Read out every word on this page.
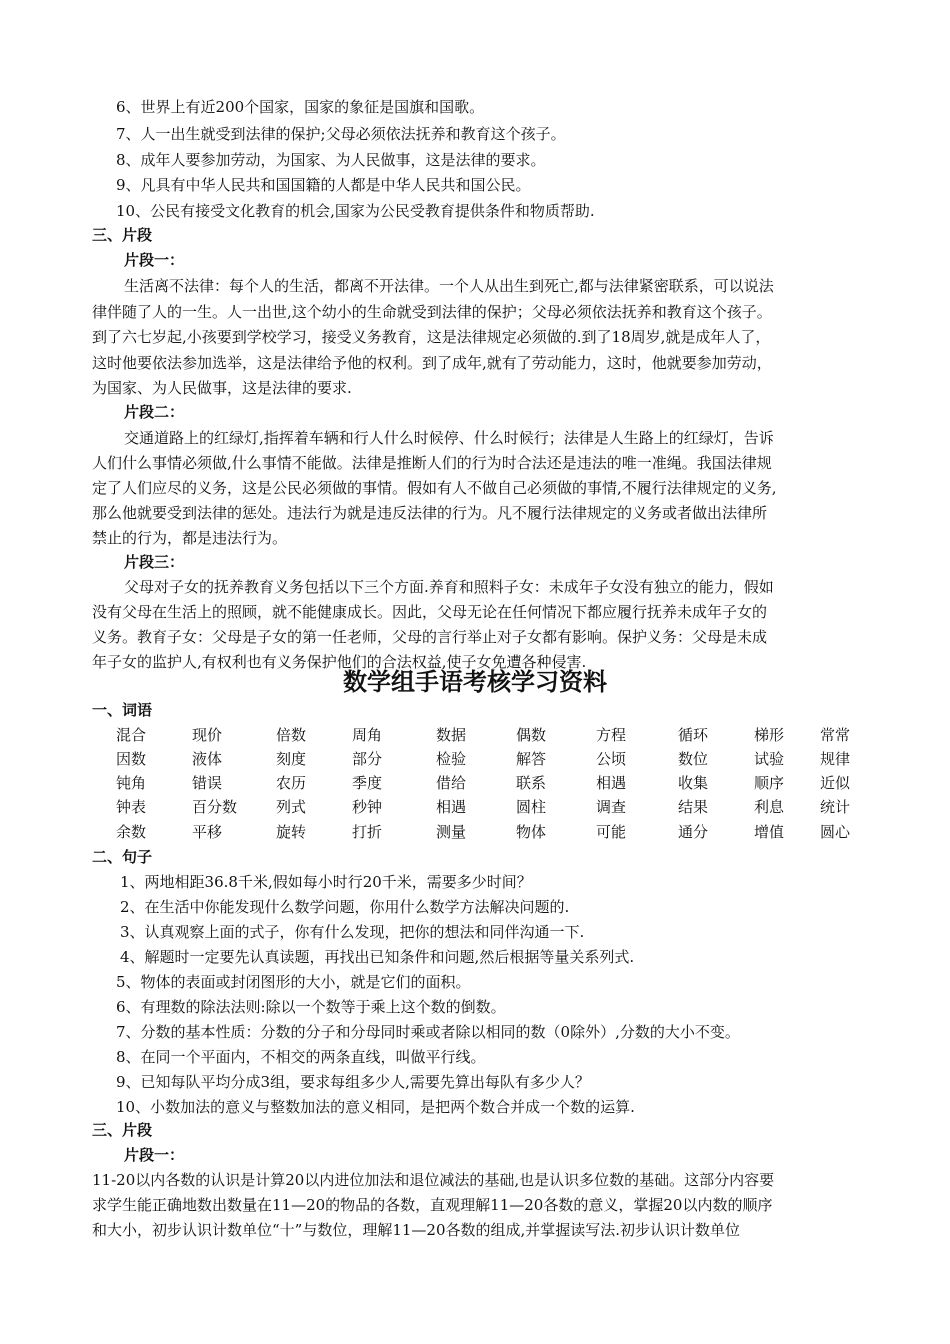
6、世界上有近200个国家，国家的象征是国旗和国歌。
7、人一出生就受到法律的保护;父母必须依法抚养和教育这个孩子。
8、成年人要参加劳动，为国家、为人民做事，这是法律的要求。
9、凡具有中华人民共和国国籍的人都是中华人民共和国公民。
10、公民有接受文化教育的机会,国家为公民受教育提供条件和物质帮助.
三、片段
片段一：
生活离不法律：每个人的生活，都离不开法律。一个人从出生到死亡,都与法律紧密联系，可以说法
律伴随了人的一生。人一出世,这个幼小的生命就受到法律的保护；父母必须依法抚养和教育这个孩子。
到了六七岁起,小孩要到学校学习，接受义务教育，这是法律规定必须做的.到了18周岁,就是成年人了，
这时他要依法参加选举，这是法律给予他的权利。到了成年,就有了劳动能力，这时，他就要参加劳动，
为国家、为人民做事，这是法律的要求.
片段二：
交通道路上的红绿灯,指挥着车辆和行人什么时候停、什么时候行；法律是人生路上的红绿灯，告诉
人们什么事情必须做,什么事情不能做。法律是推断人们的行为时合法还是违法的唯一准绳。我国法律规
定了人们应尽的义务，这是公民必须做的事情。假如有人不做自己必须做的事情,不履行法律规定的义务,
那么他就要受到法律的惩处。违法行为就是违反法律的行为。凡不履行法律规定的义务或者做出法律所
禁止的行为，都是违法行为。
片段三：
父母对子女的抚养教育义务包括以下三个方面.养育和照料子女：未成年子女没有独立的能力，假如
没有父母在生活上的照顾，就不能健康成长。因此，父母无论在任何情况下都应履行抚养未成年子女的
义务。教育子女：父母是子女的第一任老师，父母的言行举止对子女都有影响。保护义务：父母是未成
年子女的监护人,有权利也有义务保护他们的合法权益,使子女免遭各种侵害.
数学组手语考核学习资料
一、词语
混合	现价	倍数	周角	数据	偶数	方程	循环	梯形 常常
因数	液体	刻度	部分	检验	解答	公顷	数位	试验 规律
钝角	错误	农历	季度	借给	联系	相遇	收集	顺序 近似
钟表	百分数	列式	秒钟	相遇	圆柱	调查	结果	利息 统计
余数	平移	旋转	打折	测量	物体	可能	通分	增值 圆心
二、句子
1、两地相距36.8千米,假如每小时行20千米，需要多少时间？
2、在生活中你能发现什么数学问题，你用什么数学方法解决问题的.
3、认真观察上面的式子，你有什么发现，把你的想法和同伴沟通一下.
4、解题时一定要先认真读题，再找出已知条件和问题,然后根据等量关系列式.
5、物体的表面或封闭图形的大小，就是它们的面积。
6、有理数的除法法则:除以一个数等于乘上这个数的倒数。
7、分数的基本性质：分数的分子和分母同时乘或者除以相同的数（0除外）,分数的大小不变。
8、在同一个平面内，不相交的两条直线，叫做平行线。
9、已知每队平均分成3组，要求每组多少人,需要先算出每队有多少人？
10、小数加法的意义与整数加法的意义相同，是把两个数合并成一个数的运算.
三、片段
片段一：
11-20以内各数的认识是计算20以内进位加法和退位减法的基础,也是认识多位数的基础。这部分内容要
求学生能正确地数出数量在11—20的物品的各数，直观理解11—20各数的意义，掌握20以内数的顺序
和大小，初步认识计数单位“十”与数位，理解11—20各数的组成,并掌握读写法.初步认识计数单位
